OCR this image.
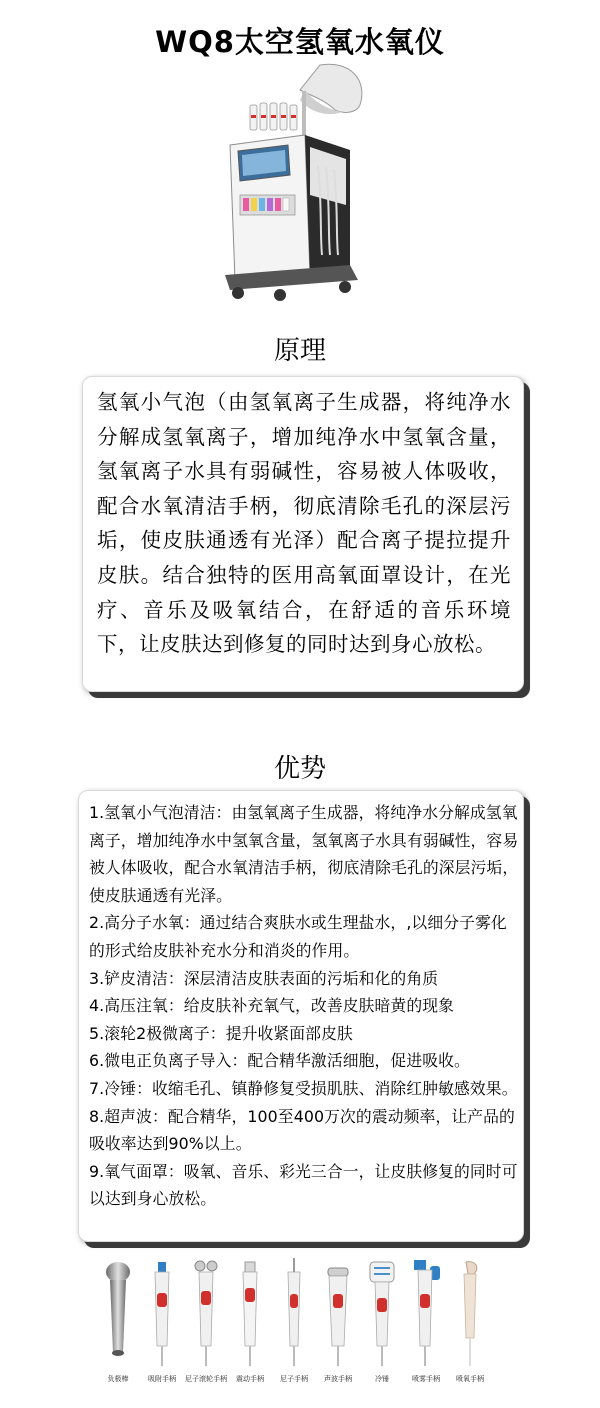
WQ8太空氢氧水氧仪
原理

氢氧小气泡（由氢氧离子生成器，将纯净水分解成氢氧离子，增加纯净水中氢氧含量，氢氧离子水具有弱碱性，容易被人体吸收，配合水氧清洁手柄，彻底清除毛孔的深层污垢，使皮肤通透有光泽）配合离子提拉提升皮肤。结合独特的医用高氧面罩设计，在光疗、音乐及吸氧结合，在舒适的音乐环境下，让皮肤达到修复的同时达到身心放松。

优势
1.氢氧小气泡清洁：由氢氧离子生成器，将纯净水分解成氢氧离子，增加纯净水中氢氧含量，氢氧离子水具有弱碱性，容易被人体吸收，配合水氧清洁手柄，彻底清除毛孔的深层污垢，使皮肤通透有光泽。
2.高分子水氧：通过结合爽肤水或生理盐水，,以细分子雾化的形式给皮肤补充水分和消炎的作用。
3.铲皮清洁：深层清洁皮肤表面的污垢和化的角质
4.高压注氧：给皮肤补充氧气，改善皮肤暗黄的现象
5.滚轮2极微离子：提升收紧面部皮肤
6.微电正负离子导入：配合精华激活细胞，促进吸收。
7.冷锤：收缩毛孔、镇静修复受损肌肤、消除红肿敏感效果。
8.超声波：配合精华，100至400万次的震动频率，让产品的吸收率达到90%以上。
9.氧气面罩：吸氧、音乐、彩光三合一，让皮肤修复的同时可以达到身心放松。
负极棒	吸附手柄	尼子滚轮手柄	震动手柄	尼子手柄	声波手柄	冷锤	喷雾手柄	喷氧手柄
